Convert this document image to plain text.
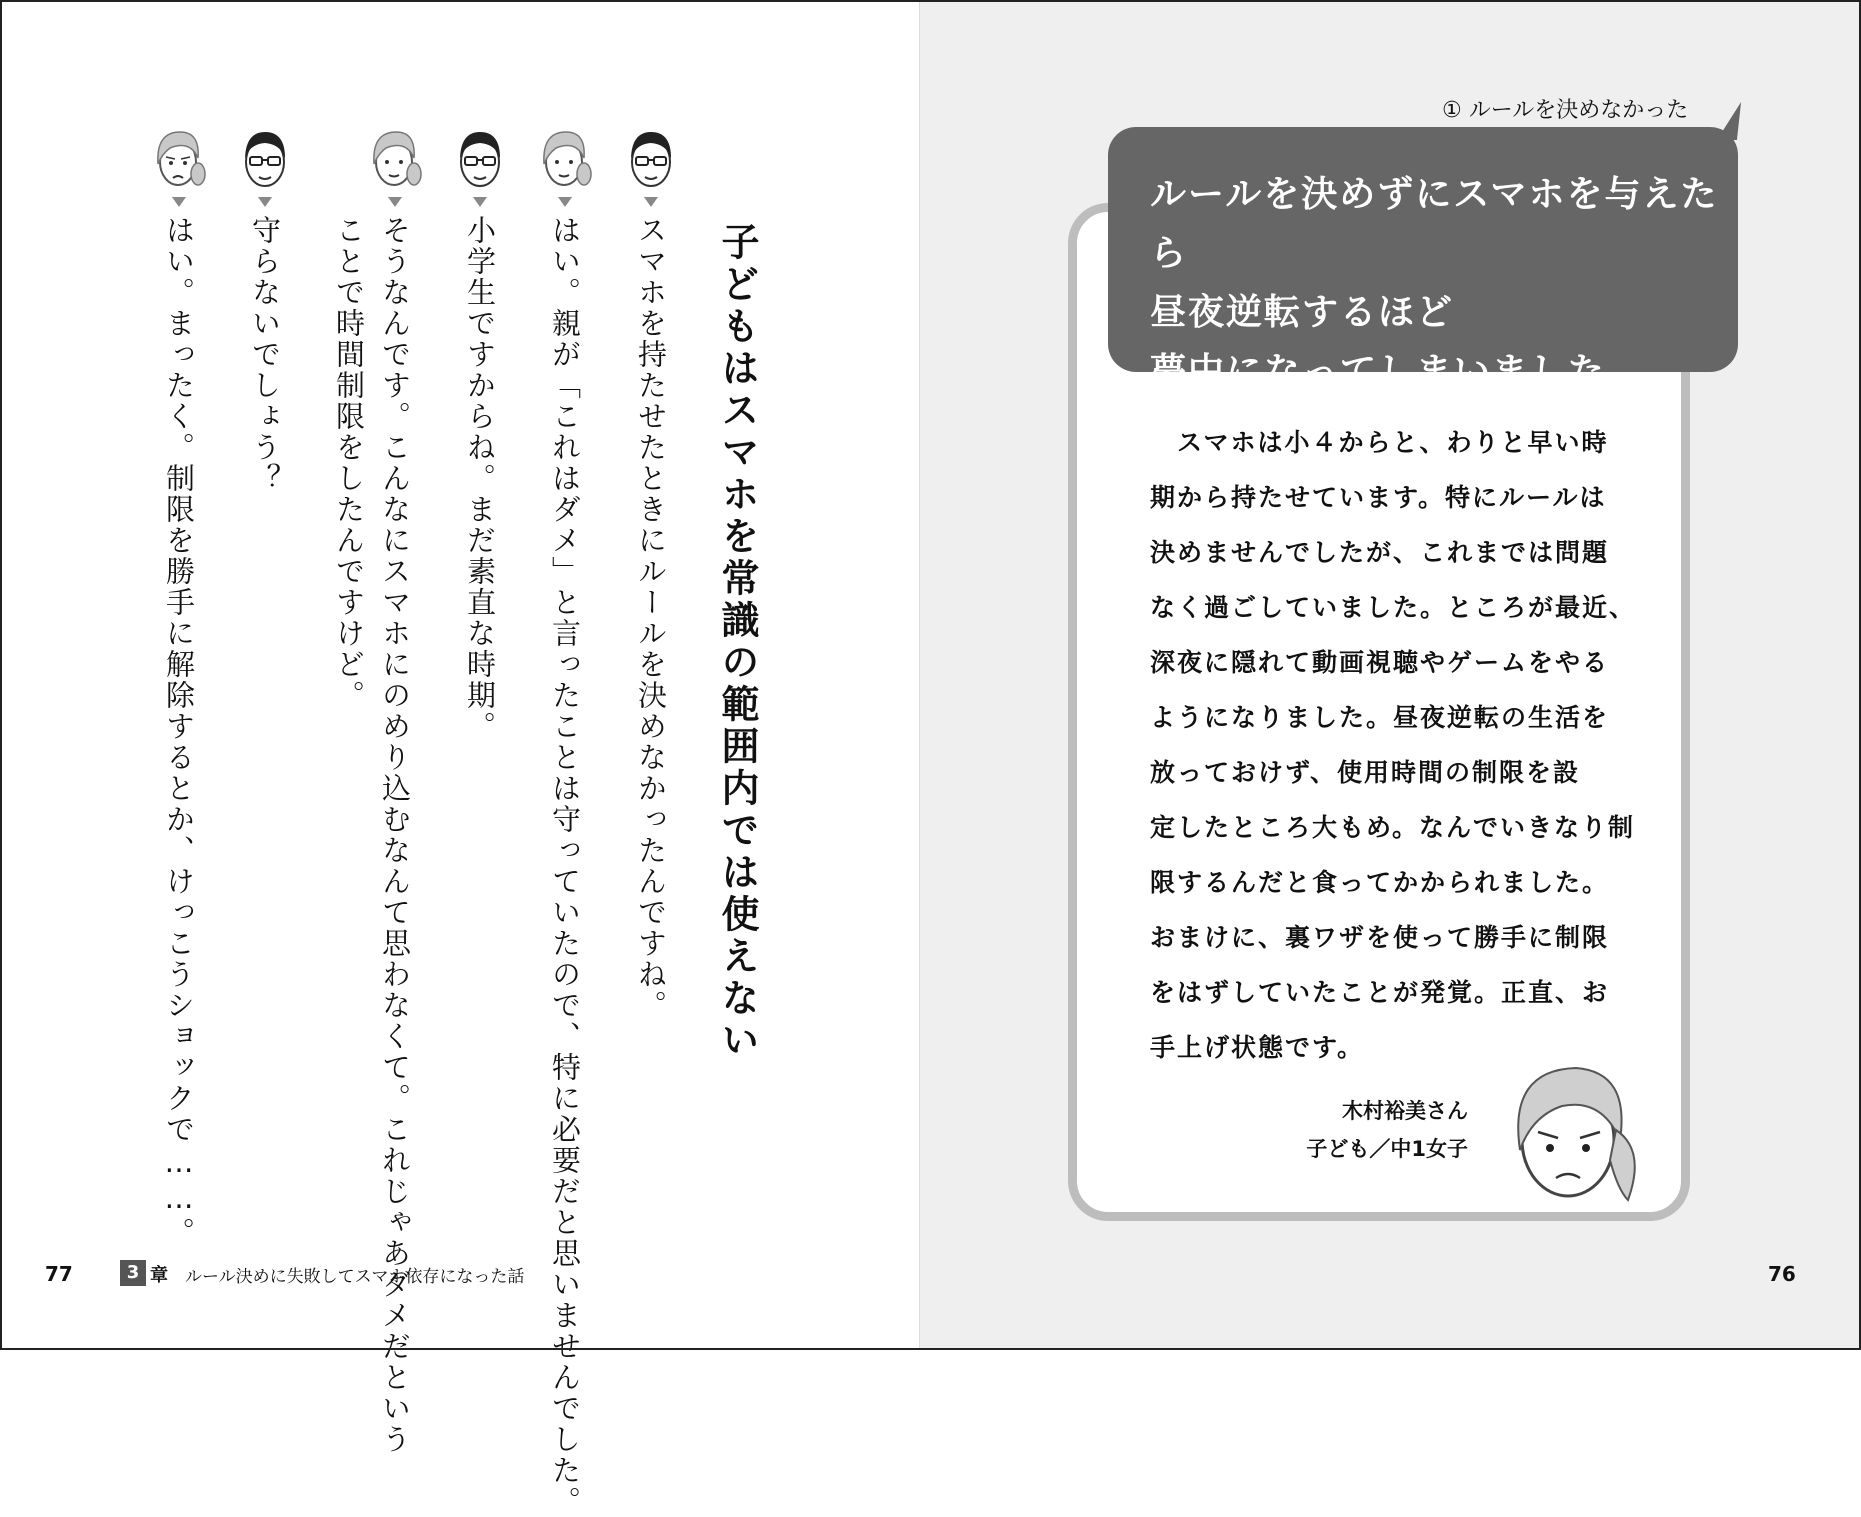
子どもはスマホを常識の範囲内では使えない
スマホを持たせたときにルールを決めなかったんですね。
はい。親が「これはダメ」と言ったことは守っていたので、特に必要だと思いませんでした。
小学生ですからね。まだ素直な時期。
そうなんです。こんなにスマホにのめり込むなんて思わなくて。これじゃあダメだという
ことで時間制限をしたんですけど。
守らないでしょう？
はい。まったく。制限を勝手に解除するとか、けっこうショックで……。
77	3 章 ルール決めに失敗してスマホ依存になった話
① ルールを決めなかった
ルールを決めずにスマホを与えたら
昼夜逆転するほど
夢中になってしまいました
　スマホは小４からと、わりと早い時
期から持たせています。特にルールは
決めませんでしたが、これまでは問題
なく過ごしていました。ところが最近、
深夜に隠れて動画視聴やゲームをやる
ようになりました。昼夜逆転の生活を
放っておけず、使用時間の制限を設
定したところ大もめ。なんでいきなり制
限するんだと食ってかかられました。
おまけに、裏ワザを使って勝手に制限
をはずしていたことが発覚。正直、お
手上げ状態です。
木村裕美さん
子ども／中1女子
76
